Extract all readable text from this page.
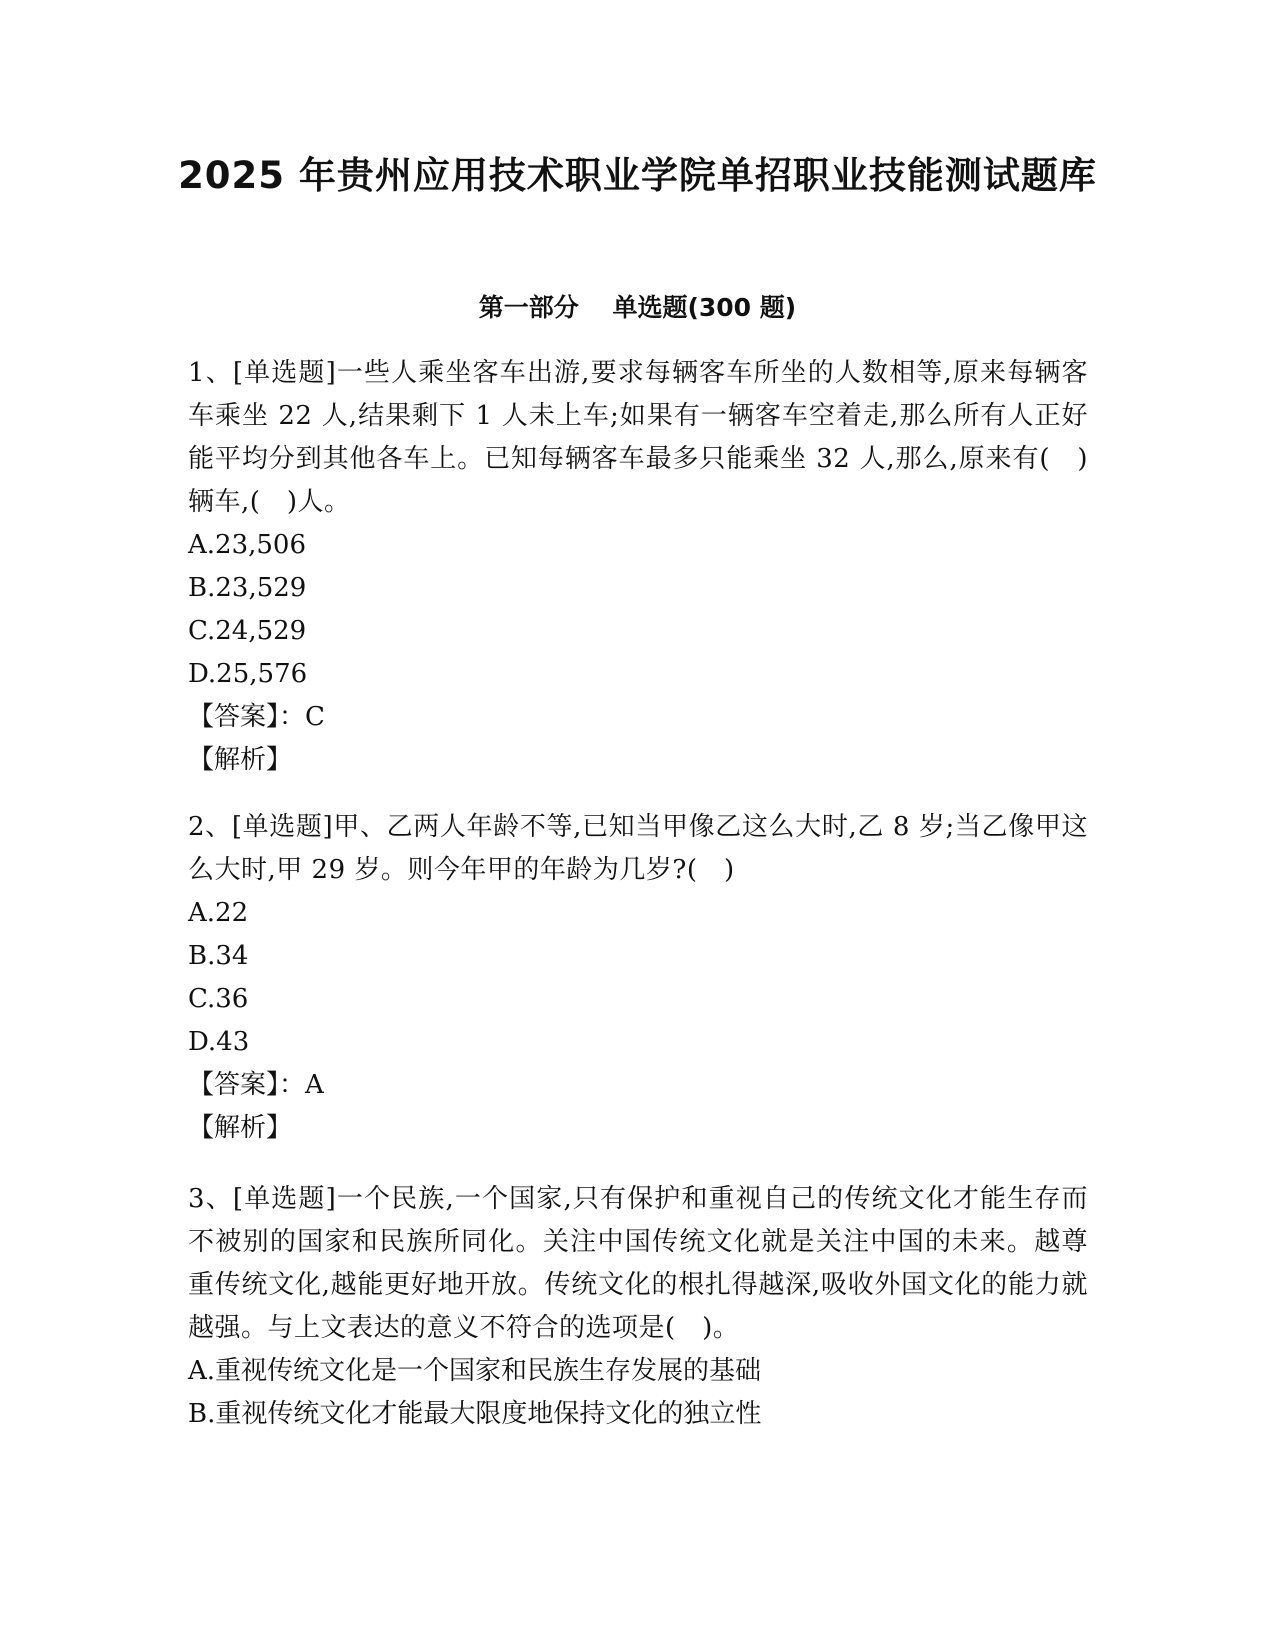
2025 年贵州应用技术职业学院单招职业技能测试题库
第一部分　 单选题(300 题)

1、[单选题]一些人乘坐客车出游,要求每辆客车所坐的人数相等,原来每辆客车乘坐 22 人,结果剩下 1 人未上车;如果有一辆客车空着走,那么所有人正好能平均分到其他各车上。已知每辆客车最多只能乘坐 32 人,那么,原来有(　)辆车,(　)人。

A.23,506

B.23,529

C.24,529

D.25,576

【答案】：C

【解析】

2、[单选题]甲、乙两人年龄不等,已知当甲像乙这么大时,乙 8 岁;当乙像甲这么大时,甲 29 岁。则今年甲的年龄为几岁?(　)

A.22

B.34

C.36

D.43

【答案】：A

【解析】

3、[单选题]一个民族,一个国家,只有保护和重视自己的传统文化才能生存而不被别的国家和民族所同化。关注中国传统文化就是关注中国的未来。越尊重传统文化,越能更好地开放。传统文化的根扎得越深,吸收外国文化的能力就越强。与上文表达的意义不符合的选项是(　)。

A.重视传统文化是一个国家和民族生存发展的基础

B.重视传统文化才能最大限度地保持文化的独立性
